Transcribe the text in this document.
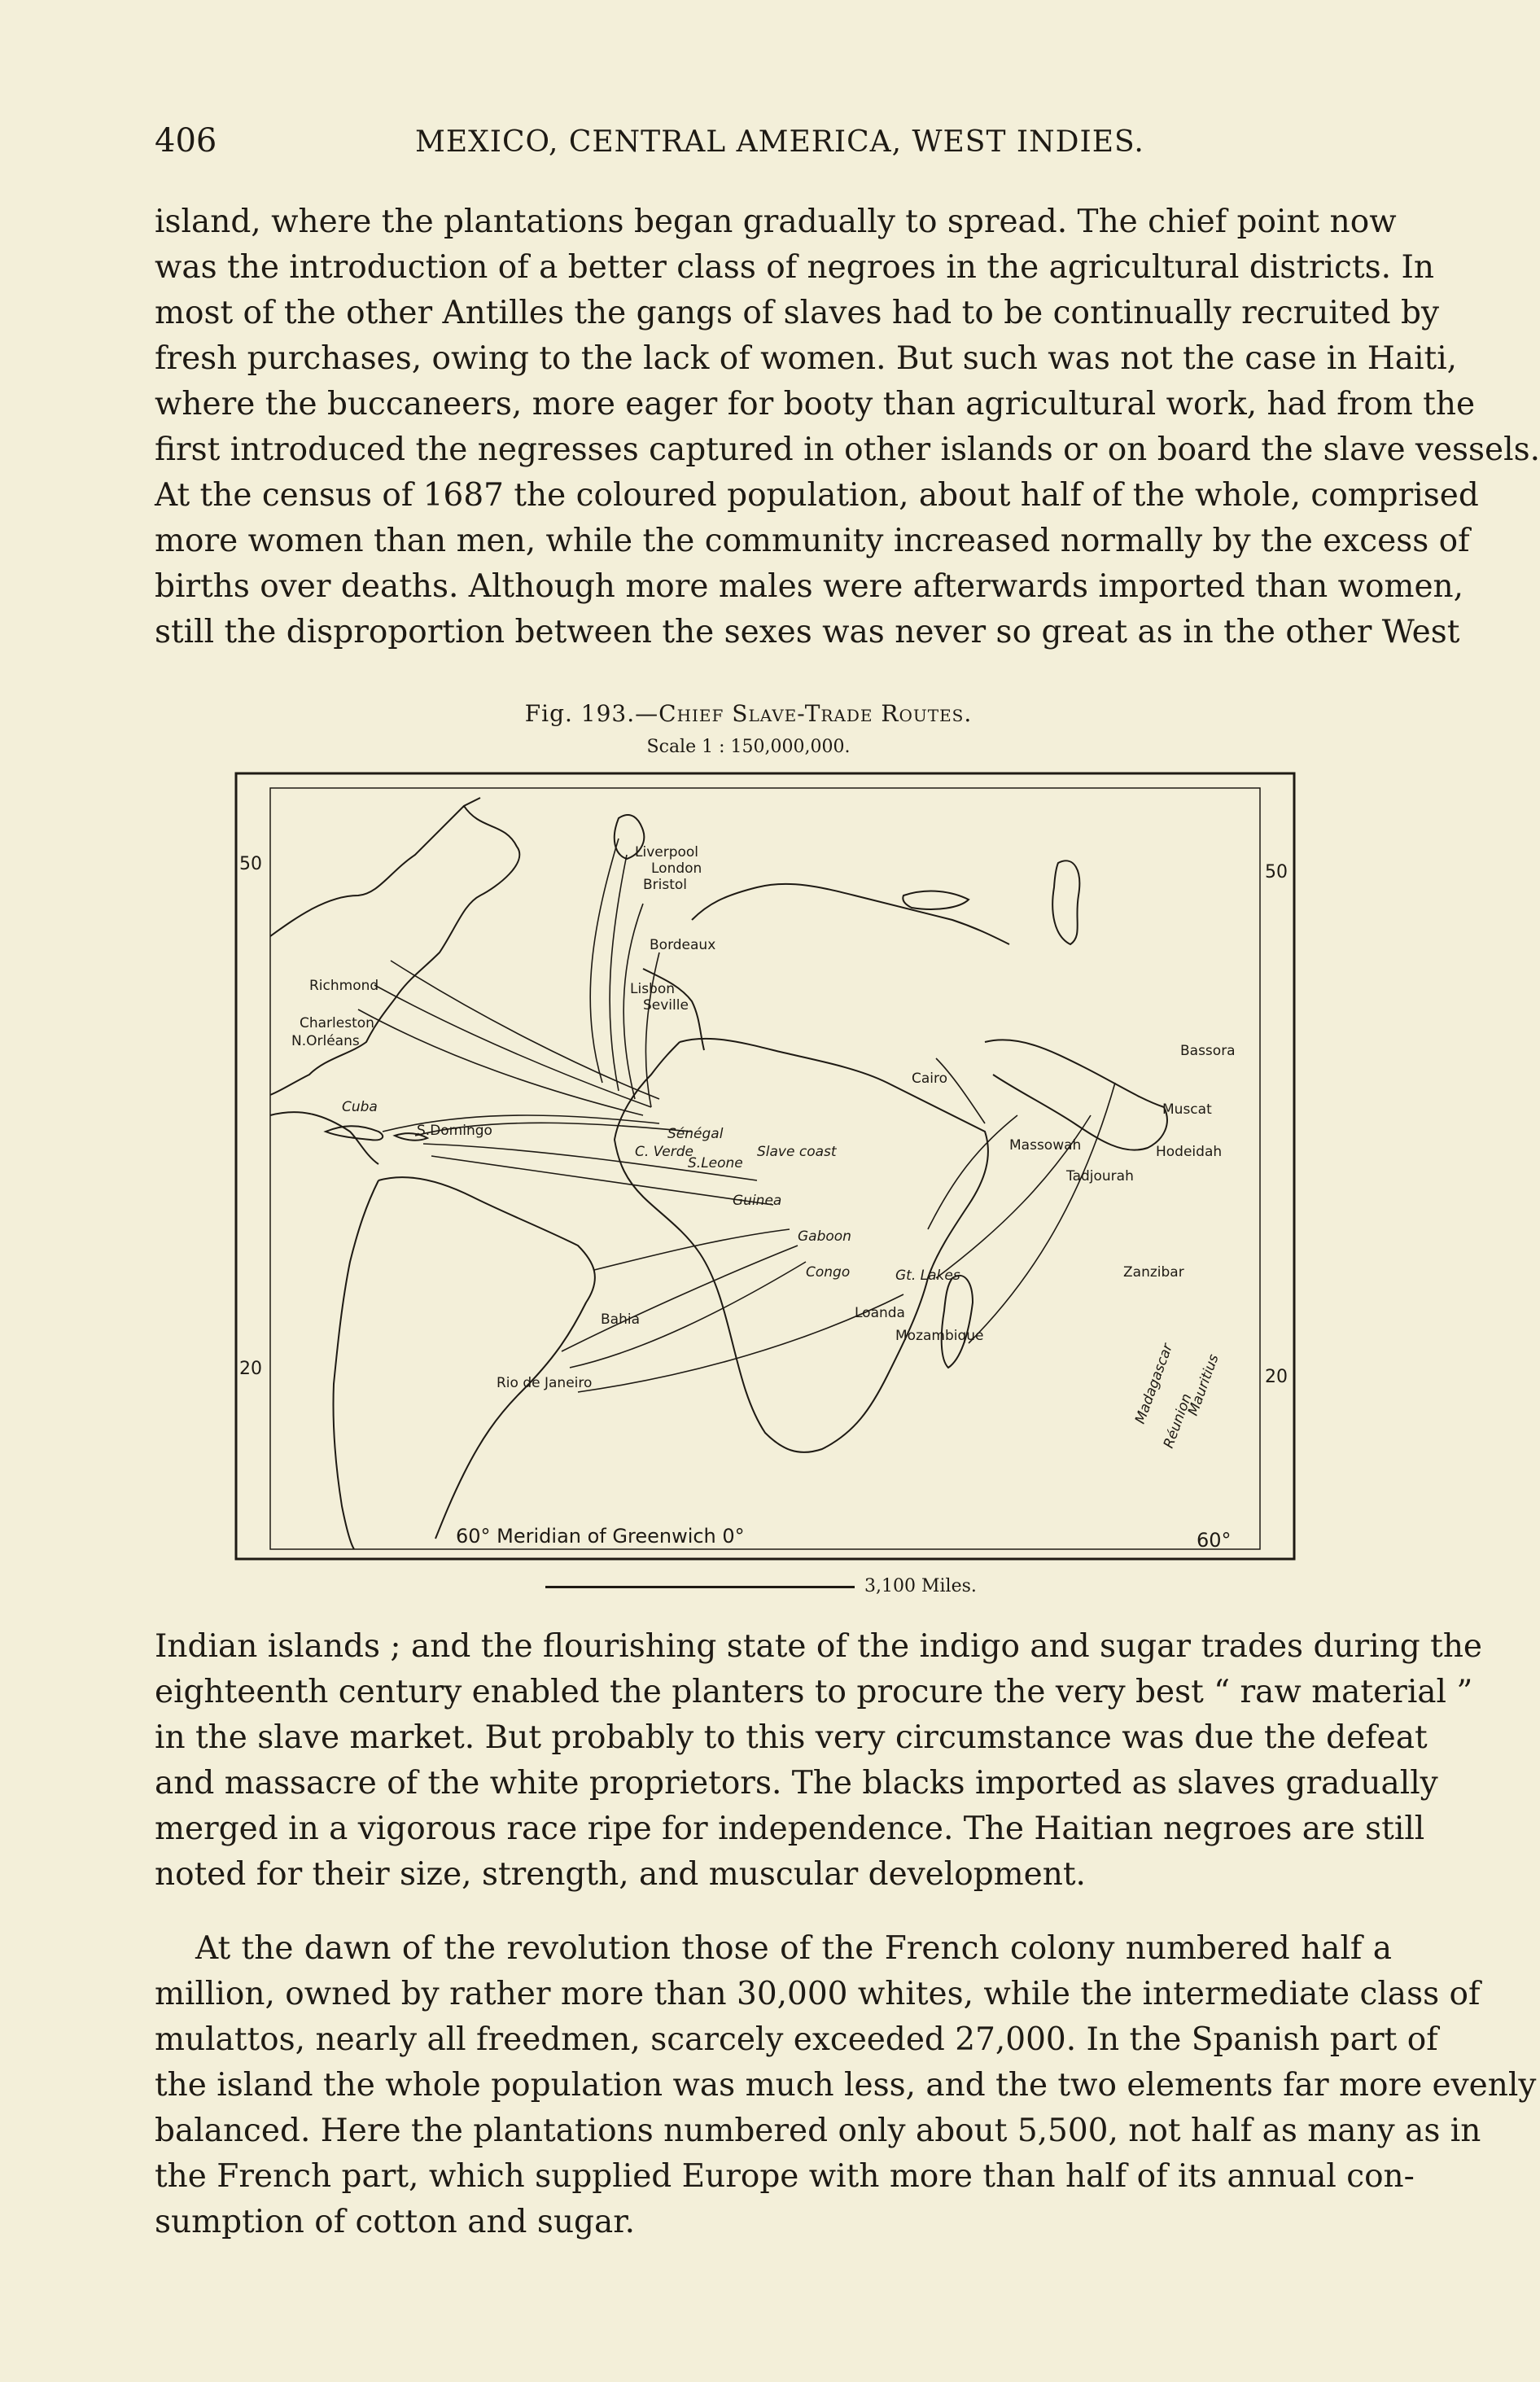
406	MEXICO, CENTRAL AMERICA, WEST INDIES.
island, where the plantations began gradually to spread. The chief point now
was the introduction of a better class of negroes in the agricultural districts. In
most of the other Antilles the gangs of slaves had to be continually recruited by
fresh purchases, owing to the lack of women. But such was not the case in Haiti,
where the buccaneers, more eager for booty than agricultural work, had from the
first introduced the negresses captured in other islands or on board the slave vessels.
At the census of 1687 the coloured population, about half of the whole, comprised
more women than men, while the community increased normally by the excess of
births over deaths. Although more males were afterwards imported than women,
still the disproportion between the sexes was never so great as in the other West
Fig. 193.—Chief Slave-Trade Routes.
Scale 1 : 150,000,000.
50	50
20	20
Richmond
Charleston
N.Orléans
Cuba
S.Domingo
Bahia
Rio de Janeiro
Liverpool
London
Bristol
Bordeaux
Lisbon
Seville
Cairo
Bassora
Muscat
Massowah	Hodeidah
Tadjourah
C. Verde
Sénégal
S.Leone
Slave coast
Gaboon
Guinea
Congo	Gt. Lakes	Zanzibar
Loanda
Mozambique
Madagascar
Réunion
Mauritius
60° Meridian of Greenwich 0°	60°
3,100 Miles.
Indian islands ; and the flourishing state of the indigo and sugar trades during the
eighteenth century enabled the planters to procure the very best “ raw material ”
in the slave market. But probably to this very circumstance was due the defeat
and massacre of the white proprietors. The blacks imported as slaves gradually
merged in a vigorous race ripe for independence. The Haitian negroes are still
noted for their size, strength, and muscular development.
At the dawn of the revolution those of the French colony numbered half a
million, owned by rather more than 30,000 whites, while the intermediate class of
mulattos, nearly all freedmen, scarcely exceeded 27,000. In the Spanish part of
the island the whole population was much less, and the two elements far more evenly
balanced. Here the plantations numbered only about 5,500, not half as many as in
the French part, which supplied Europe with more than half of its annual con-
sumption of cotton and sugar.
